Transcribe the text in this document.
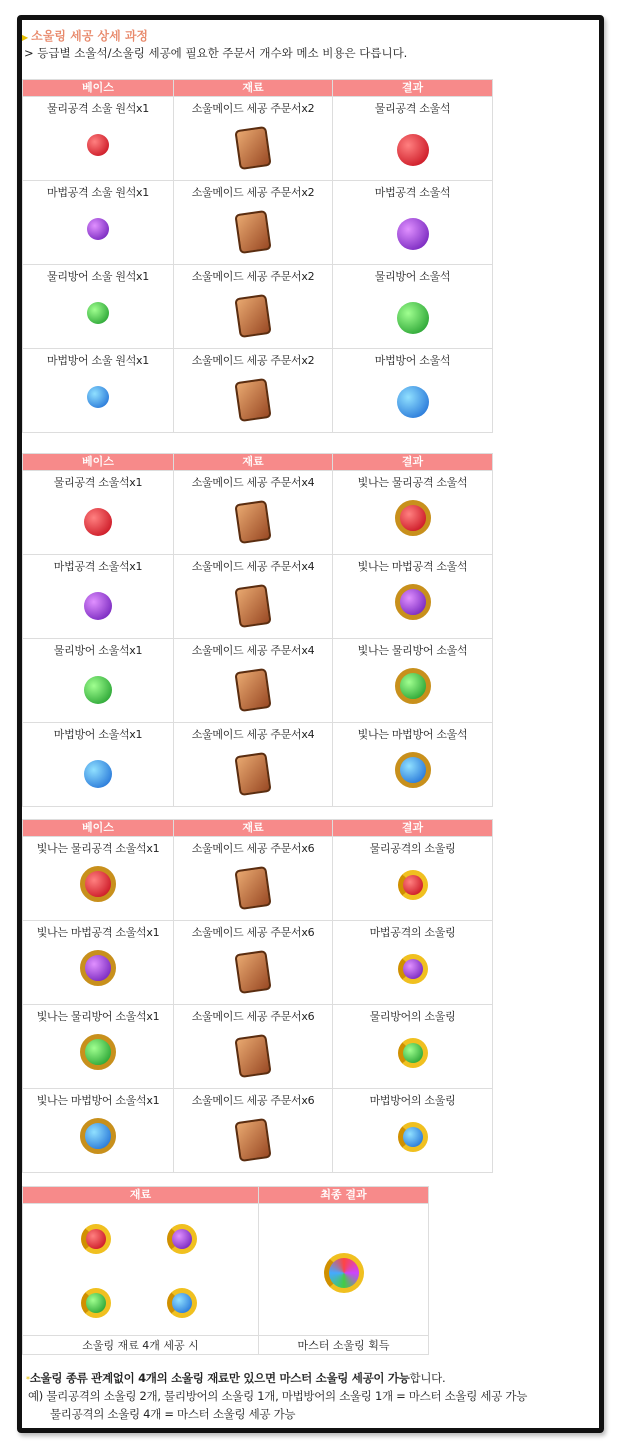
▶ 소울링 세공 상세 과정
> 등급별 소울석/소울링 세공에 필요한 주문서 개수와 메소 비용은 다릅니다.
베이스	재료	결과

물리공격 소울 원석x1	소울메이드 세공 주문서x2	물리공격 소울석

마법공격 소울 원석x1	소울메이드 세공 주문서x2	마법공격 소울석

물리방어 소울 원석x1	소울메이드 세공 주문서x2	물리방어 소울석

마법방어 소울 원석x1	소울메이드 세공 주문서x2	마법방어 소울석
베이스	재료	결과

물리공격 소울석x1	소울메이드 세공 주문서x4	빛나는 물리공격 소울석

마법공격 소울석x1	소울메이드 세공 주문서x4	빛나는 마법공격 소울석

물리방어 소울석x1	소울메이드 세공 주문서x4	빛나는 물리방어 소울석

마법방어 소울석x1	소울메이드 세공 주문서x4	빛나는 마법방어 소울석
베이스	재료	결과

빛나는 물리공격 소울석x1	소울메이드 세공 주문서x6	물리공격의 소울링

빛나는 마법공격 소울석x1	소울메이드 세공 주문서x6	마법공격의 소울링

빛나는 물리방어 소울석x1	소울메이드 세공 주문서x6	물리방어의 소울링

빛나는 마법방어 소울석x1	소울메이드 세공 주문서x6	마법방어의 소울링
재료	최종 결과

소울링 재료 4개 세공 시	마스터 소울링 획득
*소울링 종류 관계없이 4개의 소울링 재료만 있으면 마스터 소울링 세공이 가능합니다.
예) 물리공격의 소울링 2개, 물리방어의 소울링 1개, 마법방어의 소울링 1개 = 마스터 소울링 세공 가능
물리공격의 소울링 4개 = 마스터 소울링 세공 가능
